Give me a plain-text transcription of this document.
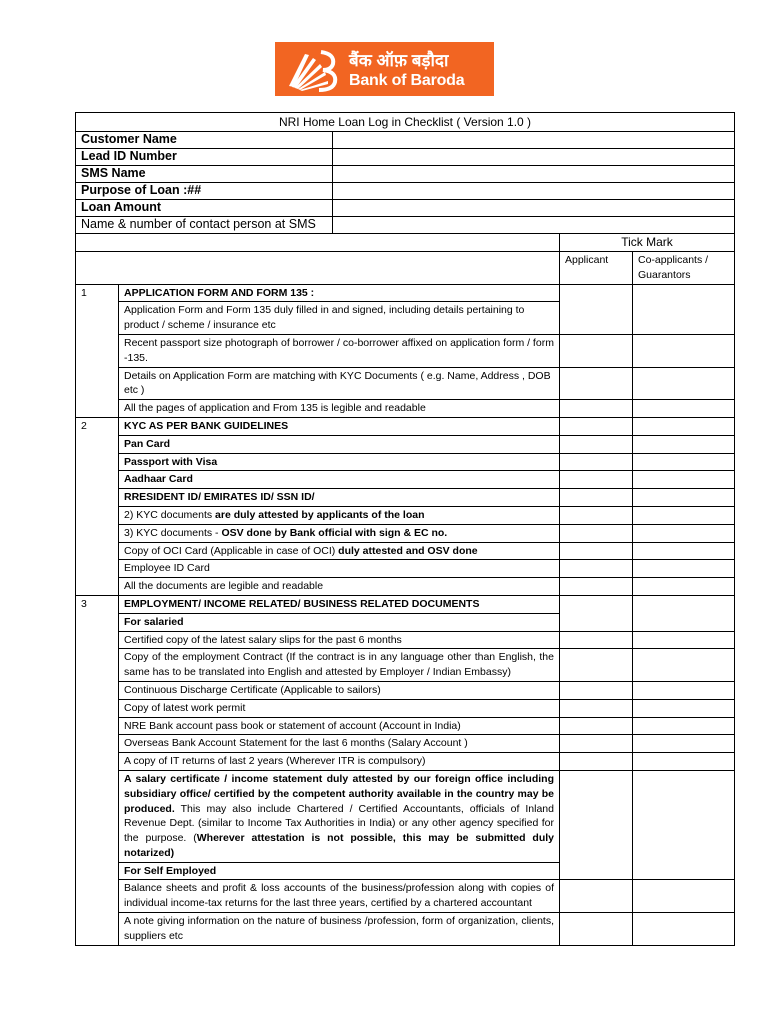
बैंक ऑफ़ बड़ौदा
Bank of Baroda
NRI Home Loan Log in Checklist ( Version 1.0 )				
Customer Name				
Lead ID Number				
SMS Name				
Purpose of Loan :##				
Loan Amount				
Name & number of contact person at SMS				
			Tick Mark	
			Applicant	Co-applicants / Guarantors
1	APPLICATION FORM AND FORM 135 :			
	Application Form and Form 135 duly filled in and signed, including details pertaining to product / scheme / insurance etc			
	Recent passport size photograph of borrower / co-borrower affixed on application form / form -135.			
	Details on Application Form are matching with KYC Documents ( e.g. Name, Address , DOB etc )			
	All the pages of application and From 135 is legible and readable			
2	KYC AS PER BANK GUIDELINES			
	Pan Card			
	Passport with Visa			
	Aadhaar Card			
	RRESIDENT ID/ EMIRATES ID/ SSN ID/			
	2) KYC documents are duly attested by applicants of the loan			
	3) KYC documents - OSV done by Bank official with sign & EC no.			
	Copy of OCI Card (Applicable in case of OCI) duly attested and OSV done			
	Employee ID Card			
	All the documents are legible and readable			
3	EMPLOYMENT/ INCOME RELATED/ BUSINESS RELATED DOCUMENTS			
	For salaried			
	Certified copy of the latest salary slips for the past 6 months			
	Copy of the employment Contract (If the contract is in any language other than English, the same has to be translated into English and attested by Employer / Indian Embassy)			
	Continuous Discharge Certificate (Applicable to sailors)			
	Copy of latest work permit			
	NRE Bank account pass book or statement of account (Account in India)			
	Overseas Bank Account Statement for the last 6 months (Salary Account )			
	A copy of IT returns of last 2 years (Wherever ITR is compulsory)			
	A salary certificate / income statement duly attested by our foreign office including subsidiary office/ certified by the competent authority available in the country may be produced. This may also include Chartered / Certified Accountants, officials of Inland Revenue Dept. (similar to Income Tax Authorities in India) or any other agency specified for the purpose. (Wherever attestation is not possible, this may be submitted duly notarized)			
	For Self Employed			
	Balance sheets and profit & loss accounts of the business/profession along with copies of individual income-tax returns for the last three years, certified by a chartered accountant			
	A note giving information on the nature of business /profession, form of organization, clients, suppliers etc			
